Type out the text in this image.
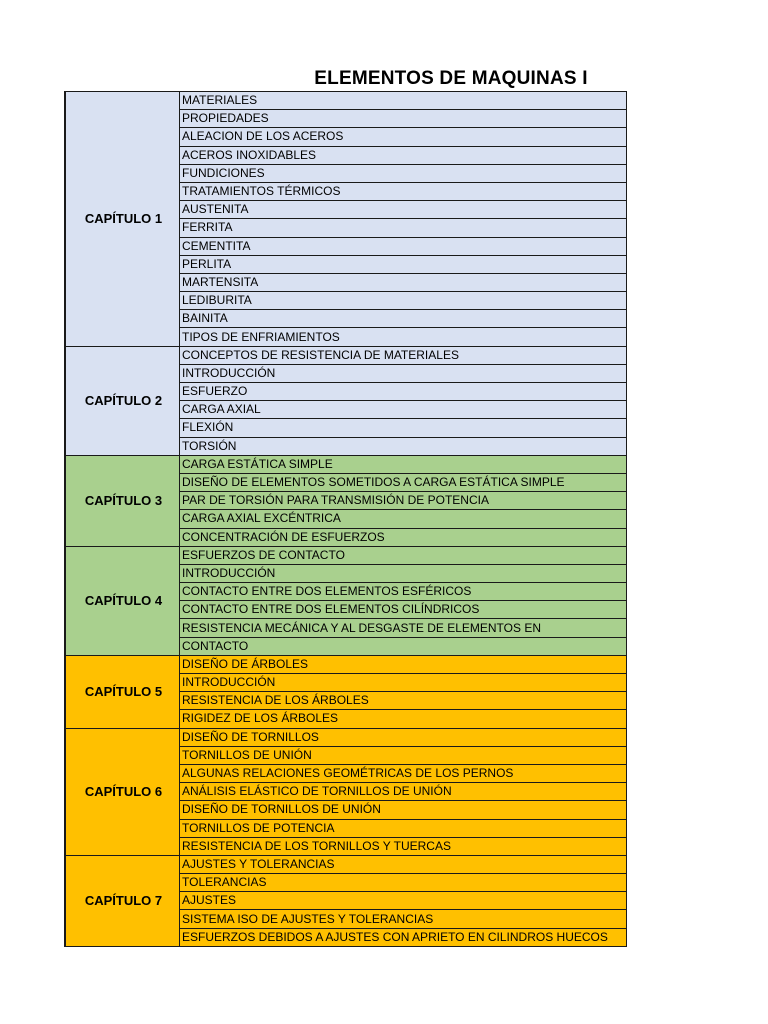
ELEMENTOS DE MAQUINAS I
CAPÍTULO 1	MATERIALES
	PROPIEDADES
	ALEACION DE LOS ACEROS
	ACEROS INOXIDABLES
	FUNDICIONES
	TRATAMIENTOS TÉRMICOS
	AUSTENITA
	FERRITA
	CEMENTITA
	PERLITA
	MARTENSITA
	LEDIBURITA
	BAINITA
	TIPOS DE ENFRIAMIENTOS
CAPÍTULO 2	CONCEPTOS DE RESISTENCIA DE MATERIALES
	INTRODUCCIÓN
	ESFUERZO
	CARGA AXIAL
	FLEXIÓN
	TORSIÓN
CAPÍTULO 3	CARGA ESTÁTICA SIMPLE
	DISEÑO DE ELEMENTOS SOMETIDOS A CARGA ESTÁTICA SIMPLE
	PAR DE TORSIÓN PARA TRANSMISIÓN DE POTENCIA
	CARGA AXIAL EXCÉNTRICA
	CONCENTRACIÓN DE ESFUERZOS
CAPÍTULO 4	ESFUERZOS DE CONTACTO
	INTRODUCCIÓN
	CONTACTO ENTRE DOS ELEMENTOS ESFÉRICOS
	CONTACTO ENTRE DOS ELEMENTOS CILÍNDRICOS
	RESISTENCIA MECÁNICA Y AL DESGASTE DE ELEMENTOS EN
	CONTACTO
CAPÍTULO 5	DISEÑO DE ÁRBOLES
	INTRODUCCIÓN
	RESISTENCIA DE LOS ÁRBOLES
	RIGIDEZ DE LOS ÁRBOLES
CAPÍTULO 6	DISEÑO DE TORNILLOS
	TORNILLOS DE UNIÓN
	ALGUNAS RELACIONES GEOMÉTRICAS DE LOS PERNOS
	ANÁLISIS ELÁSTICO DE TORNILLOS DE UNIÓN
	DISEÑO DE TORNILLOS DE UNIÓN
	TORNILLOS DE POTENCIA
	RESISTENCIA DE LOS TORNILLOS Y TUERCAS
CAPÍTULO 7	AJUSTES Y TOLERANCIAS
	TOLERANCIAS
	AJUSTES
	SISTEMA ISO DE AJUSTES Y TOLERANCIAS
	ESFUERZOS DEBIDOS A AJUSTES CON APRIETO EN CILINDROS HUECOS
